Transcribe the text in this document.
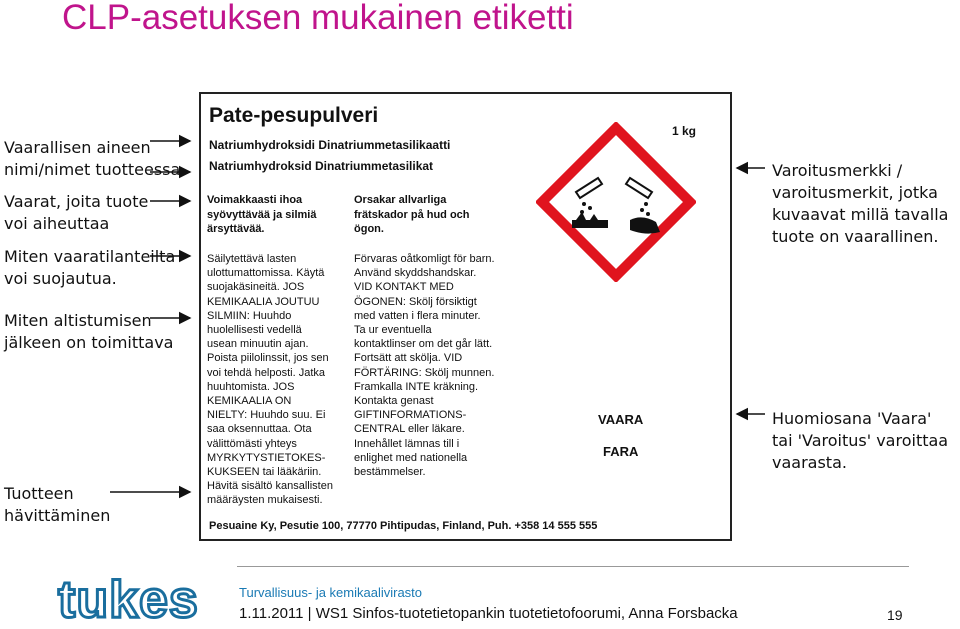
CLP-asetuksen mukainen etiketti
Vaarallisen aineen
nimi/nimet tuotteessa
Vaarat, joita tuote
voi aiheuttaa
Miten vaaratilanteilta
voi suojautua.
Miten altistumisen
jälkeen on toimittava
Tuotteen
hävittäminen
Varoitusmerkki /
varoitusmerkit, jotka
kuvaavat millä tavalla
tuote on vaarallinen.
Huomiosana 'Vaara'
tai 'Varoitus' varoittaa
vaarasta.
Pate-pesupulveri
1 kg
Natriumhydroksidi Dinatriummetasilikaatti
Natriumhydroksid Dinatriummetasilikat
Voimakkaasti ihoa
syövyttävää ja silmiä
ärsyttävää.
Orsakar allvarliga
frätskador på hud och
ögon.
Säilytettävä lasten
ulottumattomissa. Käytä
suojakäsineitä. JOS
KEMIKAALIA JOUTUU
SILMIIN: Huuhdo
huolellisesti vedellä
usean minuutin ajan.
Poista piilolinssit, jos sen
voi tehdä helposti. Jatka
huuhtomista. JOS
KEMIKAALIA ON
NIELTY: Huuhdo suu. Ei
saa oksennuttaa. Ota
välittömästi yhteys
MYRKYTYSTIETOKES-
KUKSEEN tai lääkäriin.
Hävitä sisältö kansallisten
määräysten mukaisesti.
Förvaras oåtkomligt för barn.
Använd skyddshandskar.
VID KONTAKT MED
ÖGONEN: Skölj försiktigt
med vatten i flera minuter.
Ta ur eventuella
kontaktlinser om det går lätt.
Fortsätt att skölja. VID
FÖRTÄRING: Skölj munnen.
Framkalla INTE kräkning.
Kontakta genast
GIFTINFORMATIONS-
CENTRAL eller läkare.
Innehållet lämnas till i
enlighet med nationella
bestämmelser.
VAARA
FARA
Pesuaine Ky, Pesutie 100, 77770 Pihtipudas, Finland, Puh. +358 14 555 555
tukes	Turvallisuus- ja kemikaalivirasto
1.11.2011 | WS1 Sinfos-tuotetietopankin tuotetietofoorumi, Anna Forsbacka	19
